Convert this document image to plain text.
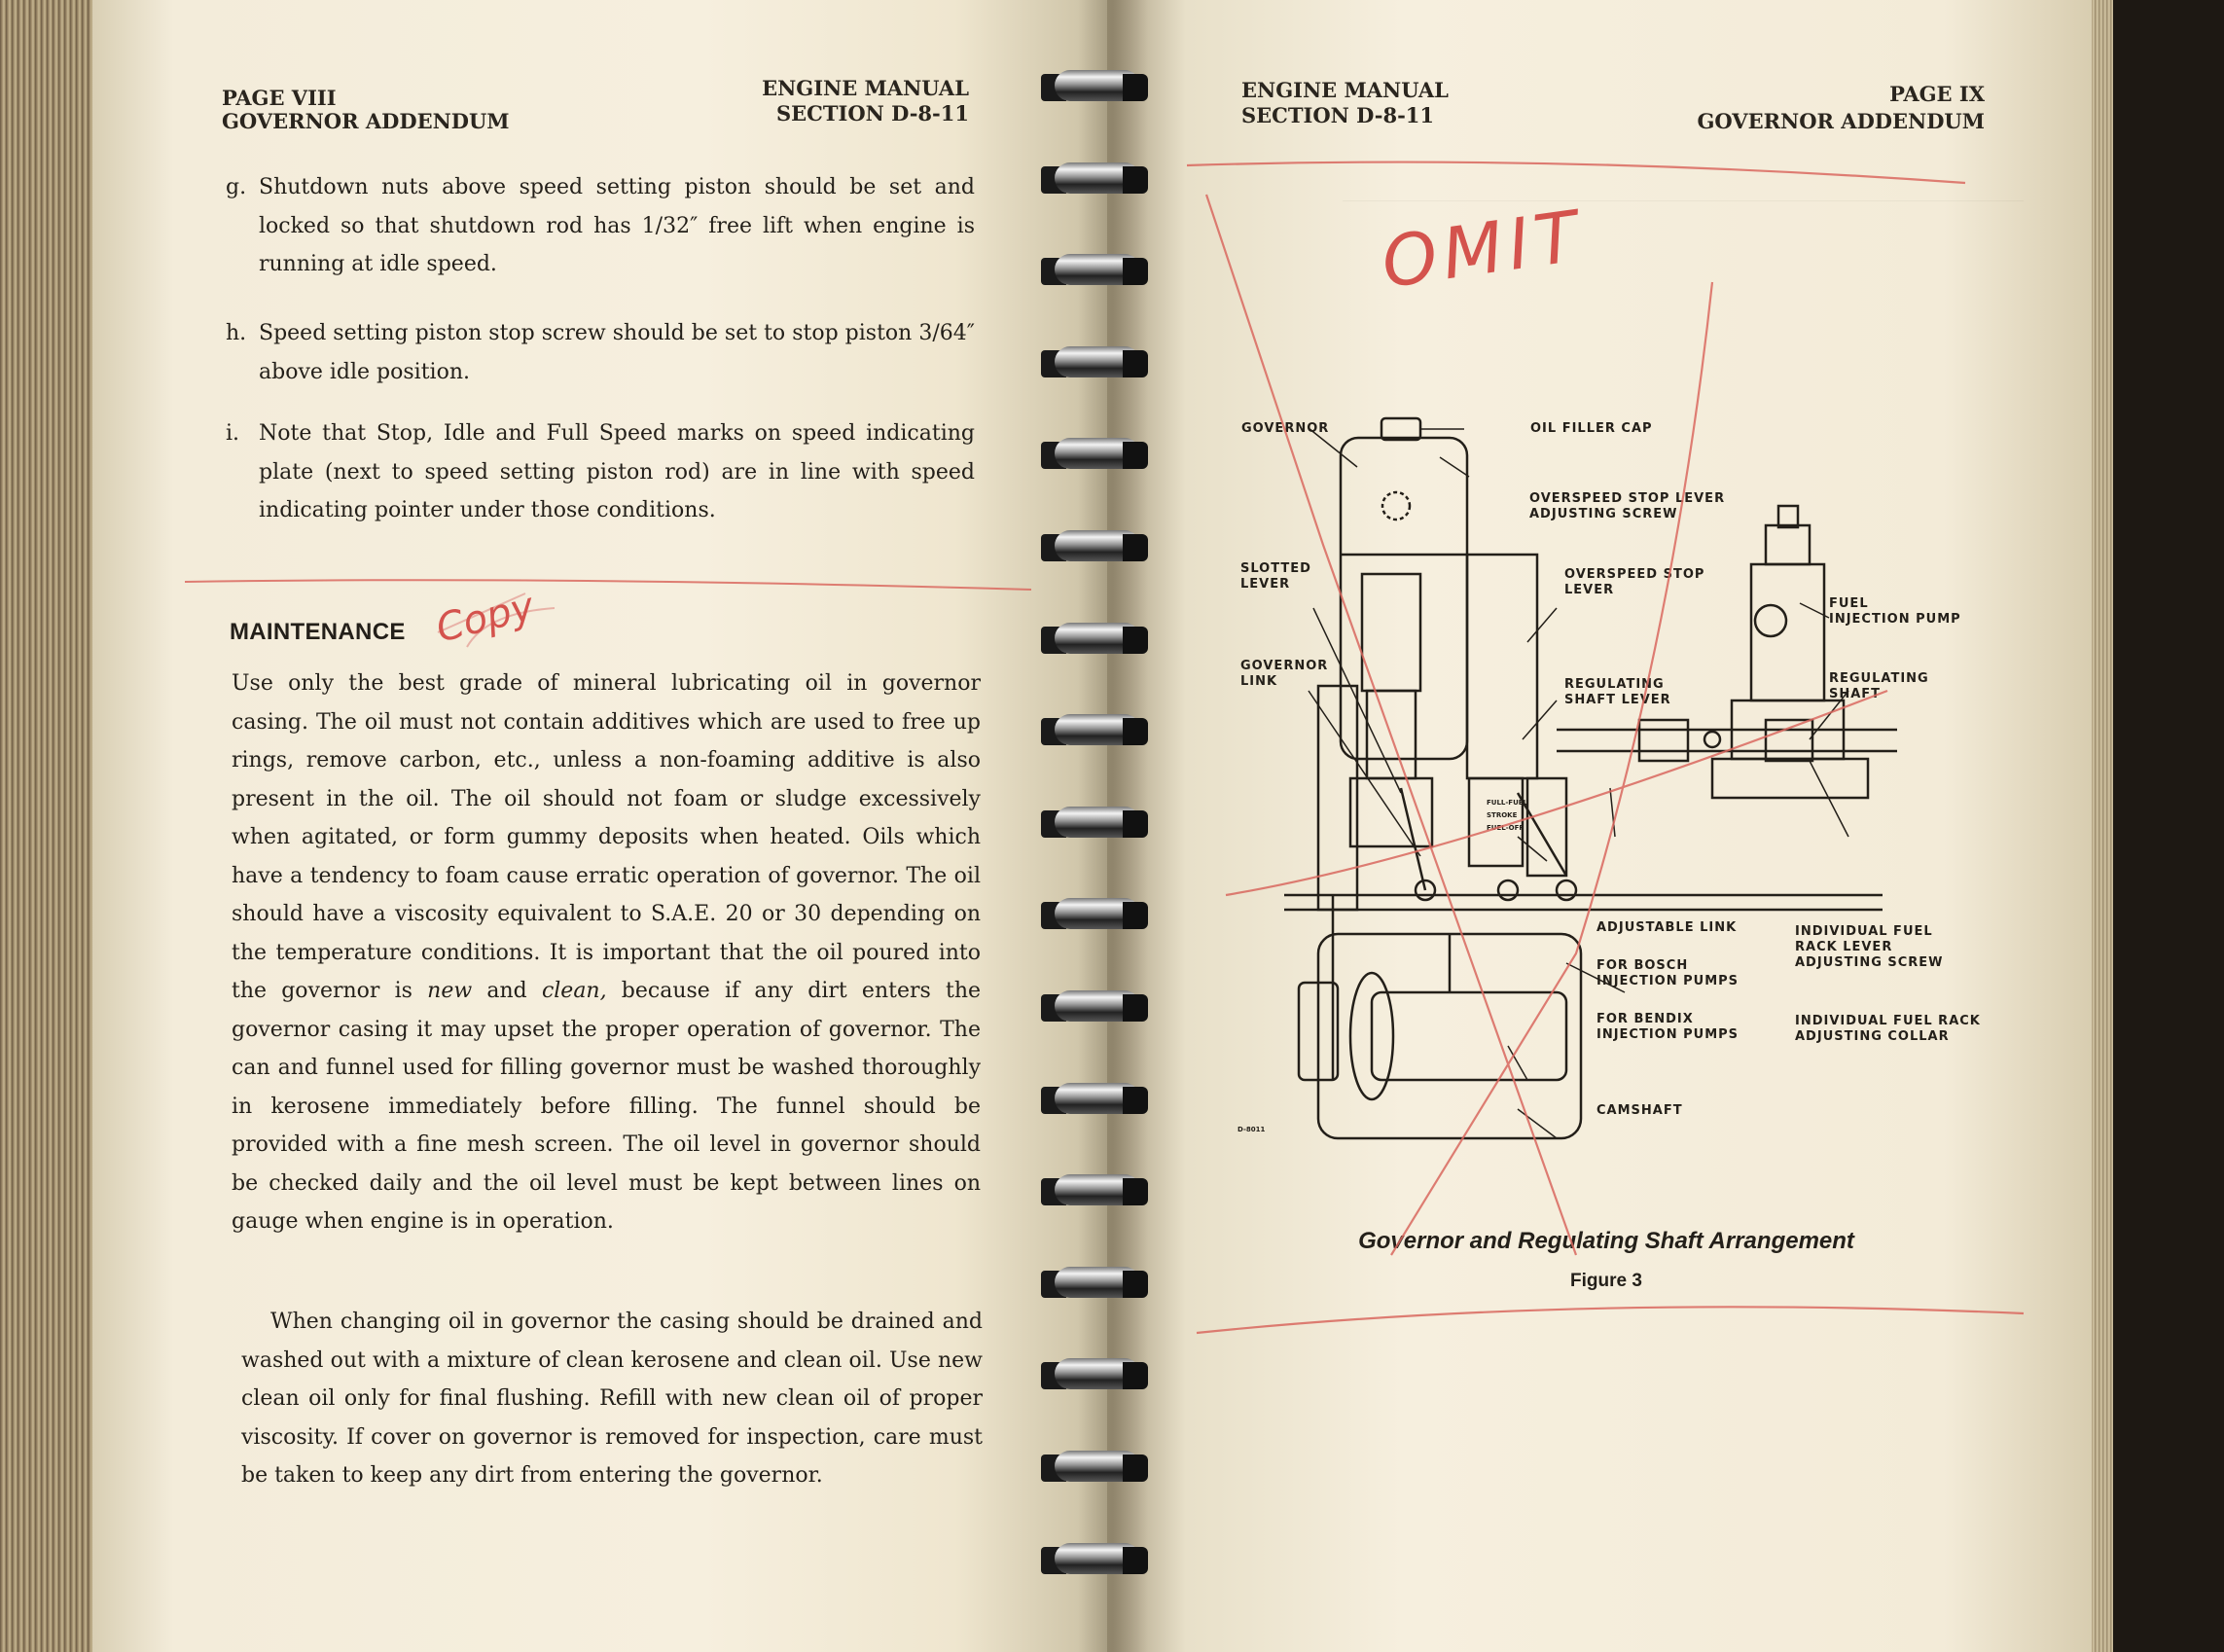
PAGE VIII
GOVERNOR ADDENDUM
ENGINE MANUAL
SECTION D-8-11
g. Shutdown nuts above speed setting piston should be set and locked so that shutdown rod has 1/32″ free lift when engine is running at idle speed.
h. Speed setting piston stop screw should be set to stop piston 3/64″ above idle position.
i. Note that Stop, Idle and Full Speed marks on speed indicating plate (next to speed setting piston rod) are in line with speed indicating pointer under those conditions.
MAINTENANCE Copy
Use only the best grade of mineral lubricating oil in governor casing. The oil must not contain additives which are used to free up rings, remove carbon, etc., unless a non-foaming additive is also present in the oil. The oil should not foam or sludge excessively when agitated, or form gummy deposits when heated. Oils which have a tendency to foam cause erratic operation of governor. The oil should have a viscosity equivalent to S.A.E. 20 or 30 depending on the temperature conditions. It is important that the oil poured into the governor is new and clean, because if any dirt enters the governor casing it may upset the proper operation of governor. The can and funnel used for filling governor must be washed thoroughly in kerosene immediately before filling. The funnel should be provided with a fine mesh screen. The oil level in governor should be checked daily and the oil level must be kept between lines on gauge when engine is in operation.
When changing oil in governor the casing should be drained and washed out with a mixture of clean kerosene and clean oil. Use new clean oil only for final flushing. Refill with new clean oil of proper viscosity. If cover on governor is removed for inspection, care must be taken to keep any dirt from entering the governor.
ENGINE MANUAL
SECTION D-8-11
PAGE IX
GOVERNOR ADDENDUM
GOVERNOR	OIL FILLER CAP
OVERSPEED STOP LEVER
ADJUSTING SCREW
SLOTTED
LEVER
OVERSPEED STOP
LEVER
FUEL
INJECTION PUMP
GOVERNOR
LINK	REGULATING
SHAFT LEVER
REGULATING
SHAFT
FULL-FUEL
STROKE
FUEL-OFF
ADJUSTABLE LINK	INDIVIDUAL FUEL
RACK LEVER
ADJUSTING SCREW
FOR BOSCH
INJECTION PUMPS
FOR BENDIX
INJECTION PUMPS
INDIVIDUAL FUEL RACK
ADJUSTING COLLAR
CAMSHAFT
D-8011
Governor and Regulating Shaft Arrangement
Figure 3
OMIT
